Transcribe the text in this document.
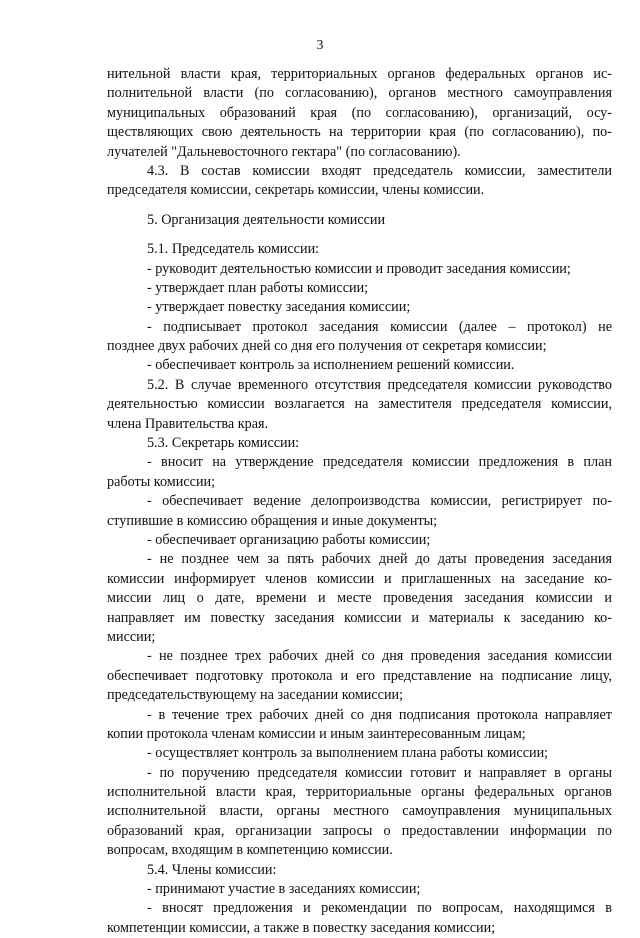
3
нительной власти края, территориальных органов федеральных органов ис-
полнительной власти (по согласованию), органов местного самоуправления
муниципальных образований края (по согласованию), организаций, осу-
ществляющих свою деятельность на территории края (по согласованию), по-
лучателей "Дальневосточного гектара" (по согласованию).
4.3. В состав комиссии входят председатель комиссии, заместители
председателя комиссии, секретарь комиссии, члены комиссии.
5. Организация деятельности комиссии
5.1. Председатель комиссии:
- руководит деятельностью комиссии и проводит заседания комиссии;
- утверждает план работы комиссии;
- утверждает повестку заседания комиссии;
- подписывает протокол заседания комиссии (далее – протокол) не
позднее двух рабочих дней со дня его получения от секретаря комиссии;
- обеспечивает контроль за исполнением решений комиссии.
5.2. В случае временного отсутствия председателя комиссии руководство
деятельностью комиссии возлагается на заместителя председателя комиссии,
члена Правительства края.
5.3. Секретарь комиссии:
- вносит на утверждение председателя комиссии предложения в план
работы комиссии;
- обеспечивает ведение делопроизводства комиссии, регистрирует по-
ступившие в комиссию обращения и иные документы;
- обеспечивает организацию работы комиссии;
- не позднее чем за пять рабочих дней до даты проведения заседания
комиссии информирует членов комиссии и приглашенных на заседание ко-
миссии лиц о дате, времени и месте проведения заседания комиссии и
направляет им повестку заседания комиссии и материалы к заседанию ко-
миссии;
- не позднее трех рабочих дней со дня проведения заседания комиссии
обеспечивает подготовку протокола и его представление на подписание лицу,
председательствующему на заседании комиссии;
- в течение трех рабочих дней со дня подписания протокола направляет
копии протокола членам комиссии и иным заинтересованным лицам;
- осуществляет контроль за выполнением плана работы комиссии;
- по поручению председателя комиссии готовит и направляет в органы
исполнительной власти края, территориальные органы федеральных органов
исполнительной власти, органы местного самоуправления муниципальных
образований края, организации запросы о предоставлении информации по
вопросам, входящим в компетенцию комиссии.
5.4. Члены комиссии:
- принимают участие в заседаниях комиссии;
- вносят предложения и рекомендации по вопросам, находящимся в
компетенции комиссии, а также в повестку заседания комиссии;
